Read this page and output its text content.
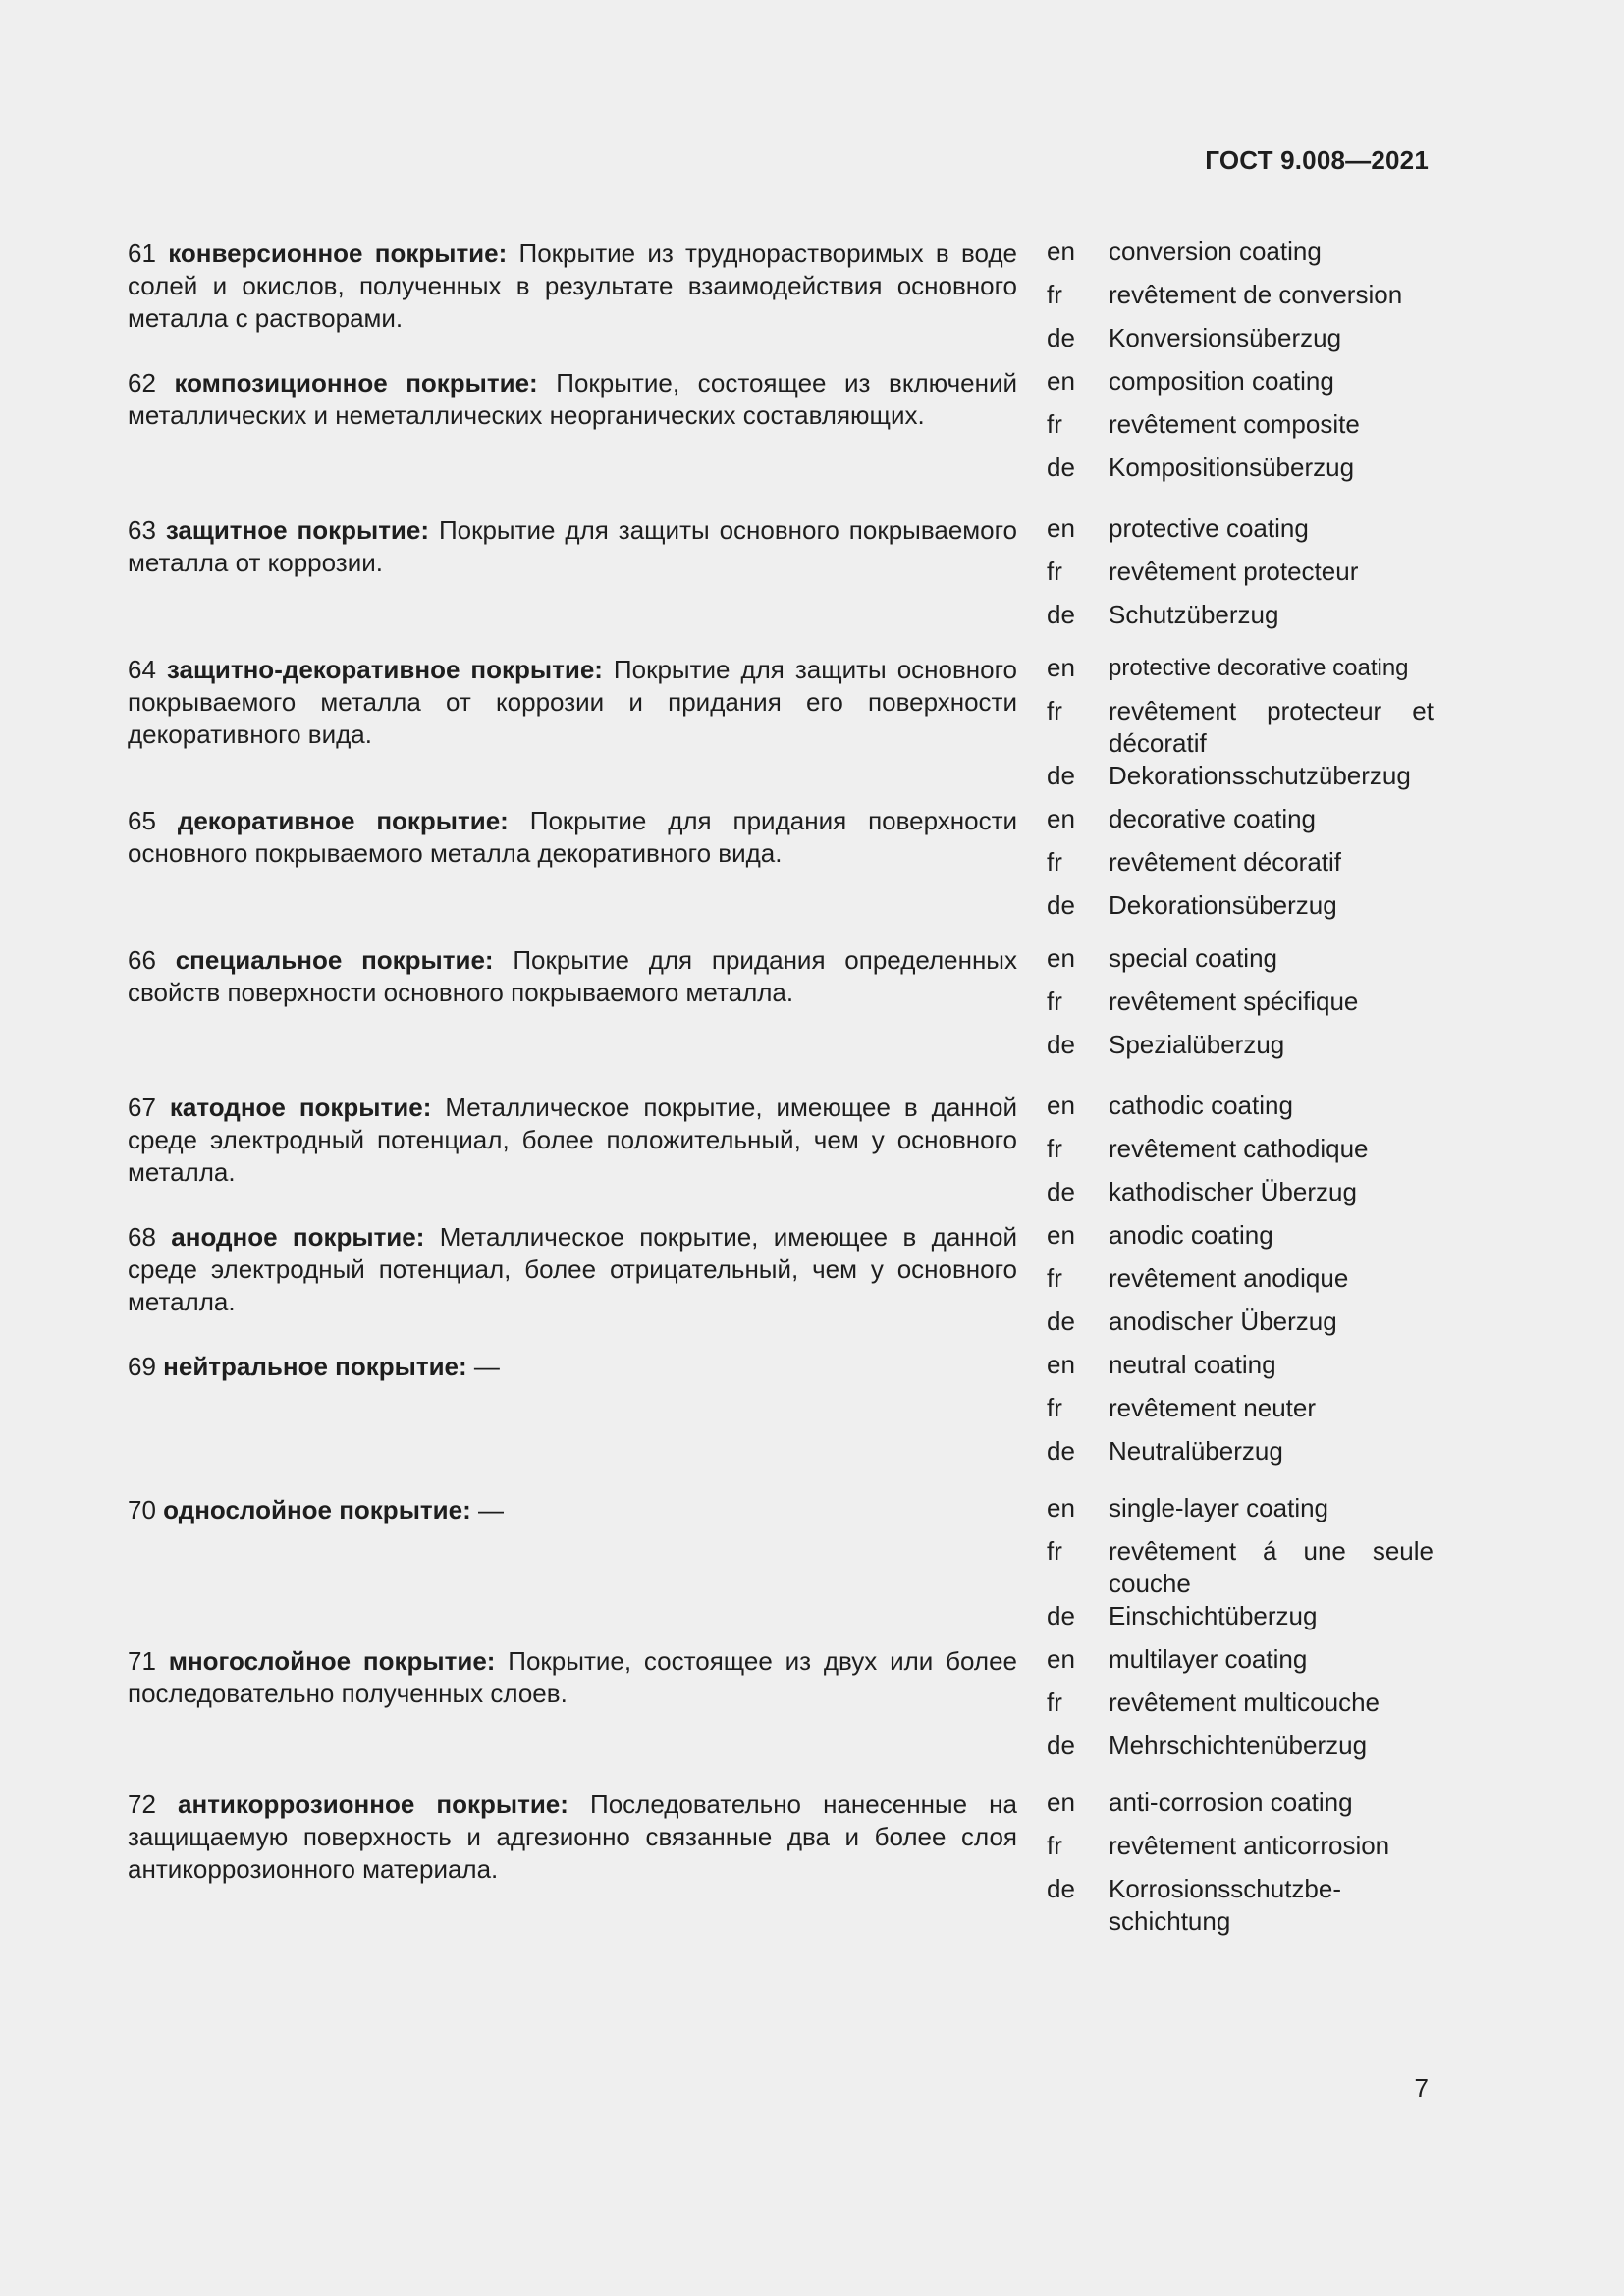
ГОСТ 9.008—2021
61 конверсионное покрытие: Покрытие из труднорастворимых в воде солей и окислов, полученных в результате взаимодействия основного металла с растворами.
en	conversion coating
fr	revêtement de conversion
de	Konversionsüberzug
62 композиционное покрытие: Покрытие, состоящее из включений металлических и неметаллических неорганических составляющих.
en	composition coating
fr	revêtement composite
de	Kompositionsüberzug
63 защитное покрытие: Покрытие для защиты основного покрываемого металла от коррозии.
en	protective coating
fr	revêtement protecteur
de	Schutzüberzug
64 защитно-декоративное покрытие: Покрытие для защиты основного покрываемого металла от коррозии и придания его поверхности декоративного вида.
en	protective decorative coating
fr	revêtement protecteur et décoratif
de	Dekorationsschutzüberzug
65 декоративное покрытие: Покрытие для придания поверхности основного покрываемого металла декоративного вида.
en	decorative coating
fr	revêtement décoratif
de	Dekorationsüberzug
66 специальное покрытие: Покрытие для придания определенных свойств поверхности основного покрываемого металла.
en	special coating
fr	revêtement spécifique
de	Spezialüberzug
67 катодное покрытие: Металлическое покрытие, имеющее в данной среде электродный потенциал, более положительный, чем у основного металла.
en	cathodic coating
fr	revêtement cathodique
de	kathodischer Überzug
68 анодное покрытие: Металлическое покрытие, имеющее в данной среде электродный потенциал, более отрицательный, чем у основного металла.
en	anodic coating
fr	revêtement anodique
de	anodischer Überzug
69 нейтральное покрытие: —	en	neutral coating
fr	revêtement neuter
de	Neutralüberzug
70 однослойное покрытие: —	en	single-layer coating
fr	revêtement á une seule couche
de	Einschichtüberzug
71 многослойное покрытие: Покрытие, состоящее из двух или более последовательно полученных слоев.
en	multilayer coating
fr	revêtement multicouche
de	Mehrschichtenüberzug
72 антикоррозионное покрытие: Последовательно нанесенные на защищаемую поверхность и адгезионно связанные два и более слоя антикоррозионного материала.
en	anti-corrosion coating
fr	revêtement anticorrosion
de	Korrosionsschutzbe-schichtung
7
